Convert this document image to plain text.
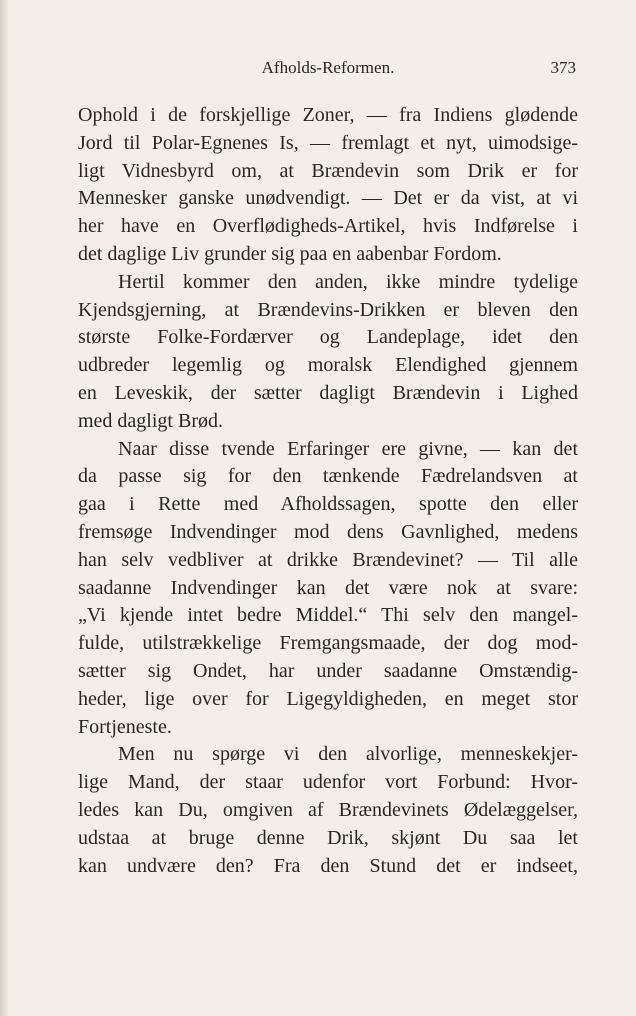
Afholds-Reformen.	373
Ophold i de forskjellige Zoner, — fra Indiens glødende
Jord til Polar-Egnenes Is, — fremlagt et nyt, uimodsige-
ligt Vidnesbyrd om, at Brændevin som Drik er for
Mennesker ganske unødvendigt. — Det er da vist, at vi
her have en Overflødigheds-Artikel, hvis Indførelse i
det daglige Liv grunder sig paa en aabenbar Fordom.
Hertil kommer den anden, ikke mindre tydelige
Kjendsgjerning, at Brændevins-Drikken er bleven den
største Folke-Fordærver og Landeplage, idet den
udbreder legemlig og moralsk Elendighed gjennem
en Leveskik, der sætter dagligt Brændevin i Lighed
med dagligt Brød.
Naar disse tvende Erfaringer ere givne, — kan det
da passe sig for den tænkende Fædrelandsven at
gaa i Rette med Afholdssagen, spotte den eller
fremsøge Indvendinger mod dens Gavnlighed, medens
han selv vedbliver at drikke Brændevinet? — Til alle
saadanne Indvendinger kan det være nok at svare:
„Vi kjende intet bedre Middel.“ Thi selv den mangel-
fulde, utilstrækkelige Fremgangsmaade, der dog mod-
sætter sig Ondet, har under saadanne Omstændig-
heder, lige over for Ligegyldigheden, en meget stor
Fortjeneste.
Men nu spørge vi den alvorlige, menneskekjer-
lige Mand, der staar udenfor vort Forbund: Hvor-
ledes kan Du, omgiven af Brændevinets Ødelæggelser,
udstaa at bruge denne Drik, skjønt Du saa let
kan undvære den? Fra den Stund det er indseet,
